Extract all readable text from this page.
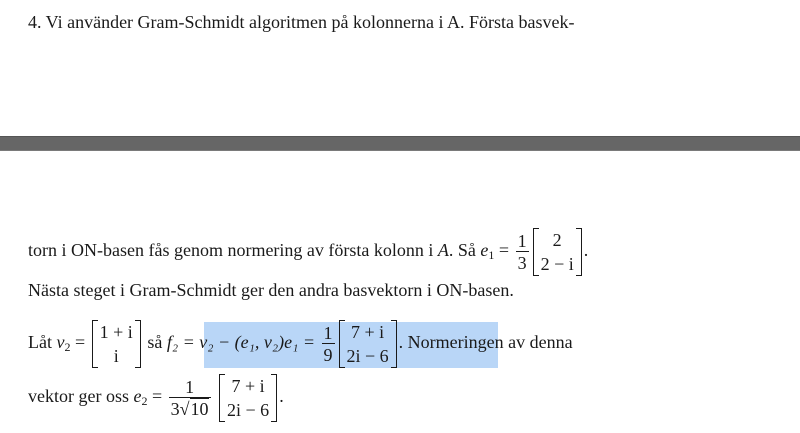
4. Vi använder Gram-Schmidt algoritmen på kolonnerna i A. Första basvek-
torn i ON-basen fås genom normering av första kolonn i A. Så $e_1 = \frac{1}{3}$	2
2 − i
.
Nästa steget i Gram-Schmidt ger den andra basvektorn i ON-basen.
Låt $v_2$ =
1 + i
i
så f₂ = v₂ − (e₁, $v_2)e_1 = \frac{1}{9} 7 + i$
2i − 6
. Normeringen av denna
vektor ger oss $e_2 = \frac{1}{3√10}$
7 + i
2i − 6
.
